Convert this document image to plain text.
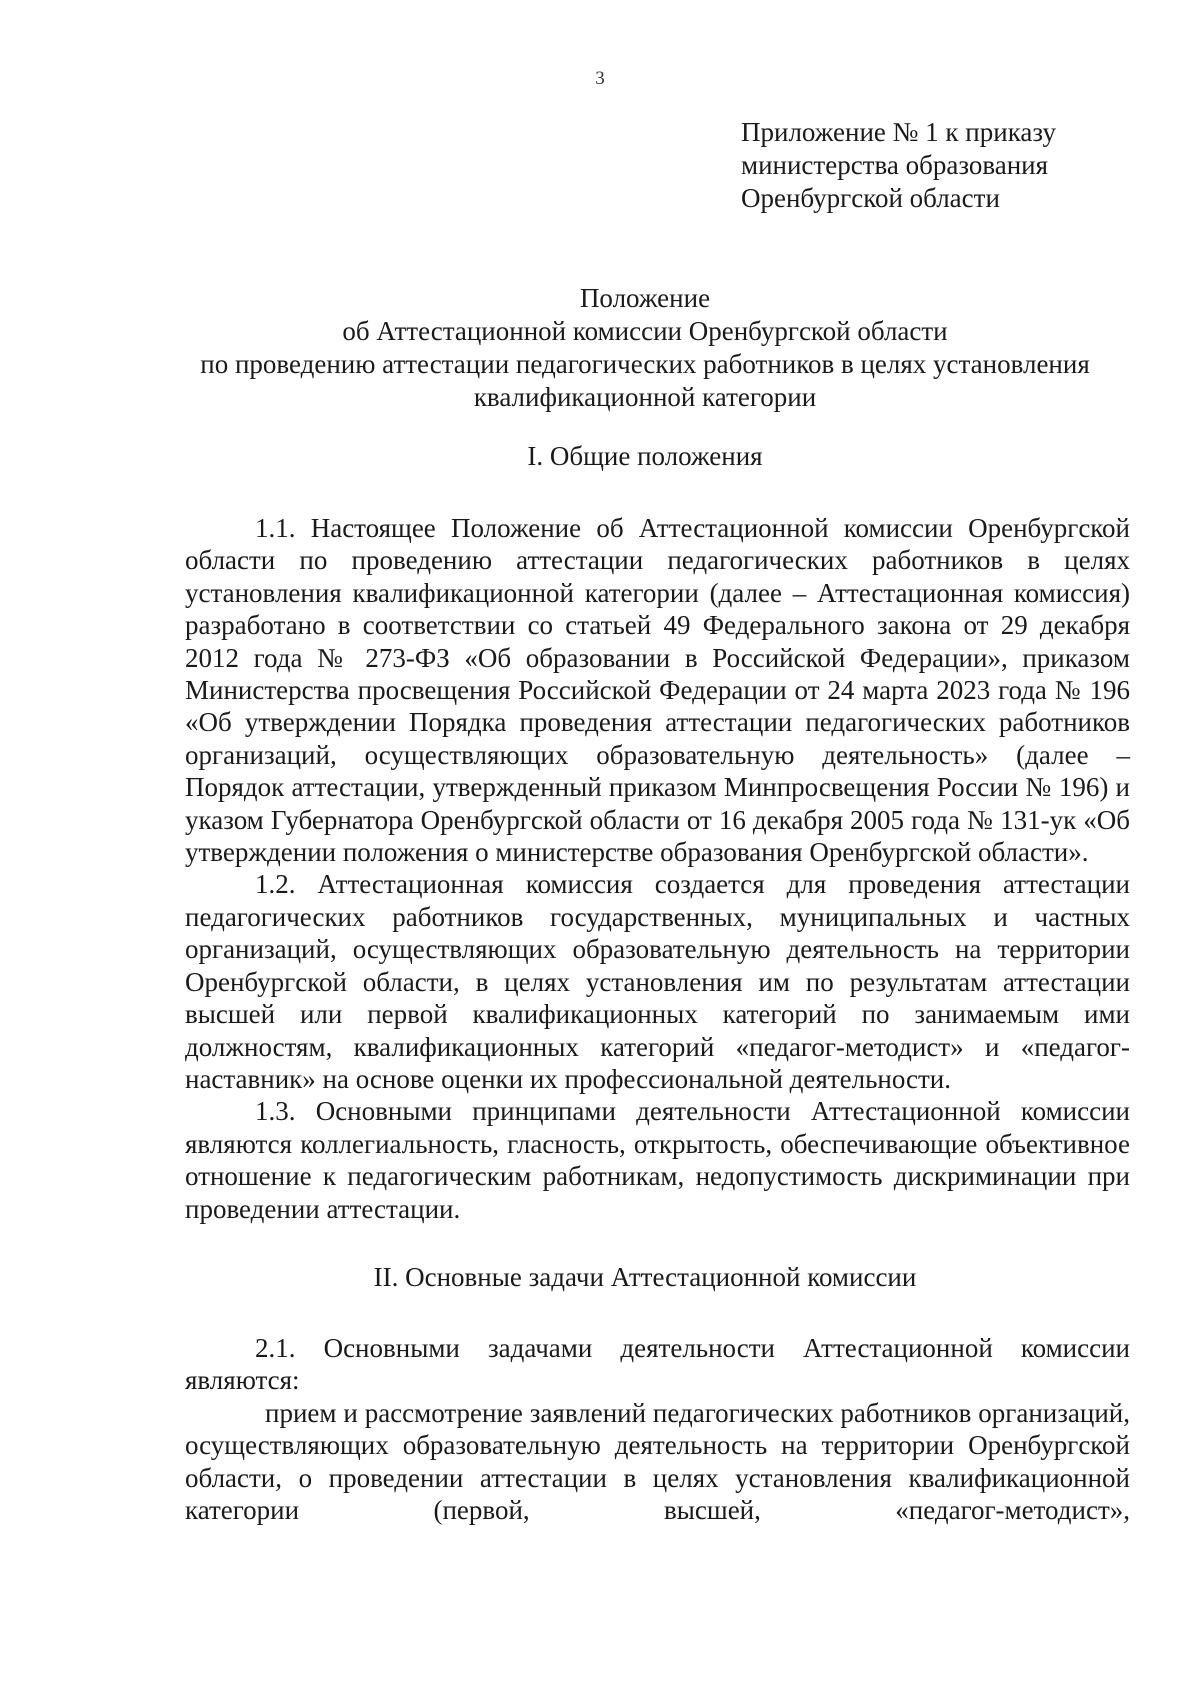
3
Приложение № 1 к приказу
министерства образования
Оренбургской области
Положение
об Аттестационной комиссии Оренбургской области
по проведению аттестации педагогических работников в целях установления
квалификационной категории
I. Общие положения

1.1. Настоящее Положение об Аттестационной комиссии Оренбургской области по проведению аттестации педагогических работников в целях установления квалификационной категории (далее – Аттестационная комиссия) разработано в соответствии со статьей 49 Федерального закона от 29 декабря 2012 года № 273-ФЗ «Об образовании в Российской Федерации», приказом Министерства просвещения Российской Федерации от 24 марта 2023 года № 196 «Об утверждении Порядка проведения аттестации педагогических работников организаций, осуществляющих образовательную деятельность» (далее – Порядок аттестации, утвержденный приказом Минпросвещения России № 196) и указом Губернатора Оренбургской области от 16 декабря 2005 года № 131-ук «Об утверждении положения о министерстве образования Оренбургской области».

1.2. Аттестационная комиссия создается для проведения аттестации педагогических работников государственных, муниципальных и частных организаций, осуществляющих образовательную деятельность на территории Оренбургской области, в целях установления им по результатам аттестации высшей или первой квалификационных категорий по занимаемым ими должностям, квалификационных категорий «педагог-методист» и «педагог-наставник» на основе оценки их профессиональной деятельности.

1.3. Основными принципами деятельности Аттестационной комиссии являются коллегиальность, гласность, открытость, обеспечивающие объективное отношение к педагогическим работникам, недопустимость дискриминации при проведении аттестации.

II. Основные задачи Аттестационной комиссии

2.1. Основными задачами деятельности Аттестационной комиссии являются:

прием и рассмотрение заявлений педагогических работников организаций, осуществляющих образовательную деятельность на территории Оренбургской области, о проведении аттестации в целях установления квалификационной категории (первой, высшей, «педагог-методист»,
